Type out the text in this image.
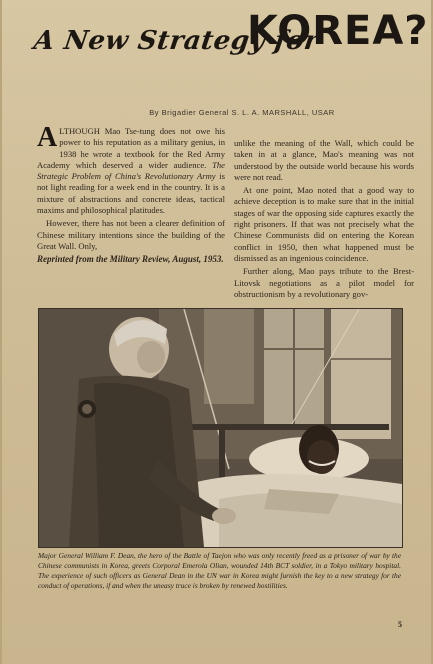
A New Strategy for
KOREA?
By Brigadier General S. L. A. MARSHALL, USAR

ALTHOUGH Mao Tse-tung does not owe his power to his reputation as a military genius, in 1938 he wrote a textbook for the Red Army Academy which deserved a wider audience. The Strategic Problem of China's Revolutionary Army is not light reading for a week end in the country. It is a mixture of abstractions and concrete ideas, tactical maxims and philosophical platitudes.

However, there has not been a clearer definition of Chinese military intentions since the building of the Great Wall. Only,

Reprinted from the Military Review, August, 1953.

unlike the meaning of the Wall, which could be taken in at a glance, Mao's meaning was not understood by the outside world because his words were not read.

At one point, Mao noted that a good way to achieve deception is to make sure that in the initial stages of war the opposing side captures exactly the right prisoners. If that was not precisely what the Chinese Communists did on entering the Korean conflict in 1950, then what happened must be dismissed as an ingenious coincidence.

Further along, Mao pays tribute to the Brest-Litovsk negotiations as a pilot model for obstructionism by a revolutionary gov-

Major General William F. Dean, the hero of the Battle of Taejon who was only recently freed as a prisoner of war by the Chinese communists in Korea, greets Corporal Emerola Olian, wounded 14th BCT soldier, in a Tokyo military hospital. The experience of such officers as General Dean in the UN war in Korea might furnish the key to a new strategy for the conduct of operations, if and when the uneasy truce is broken by renewed hostilities.
5
